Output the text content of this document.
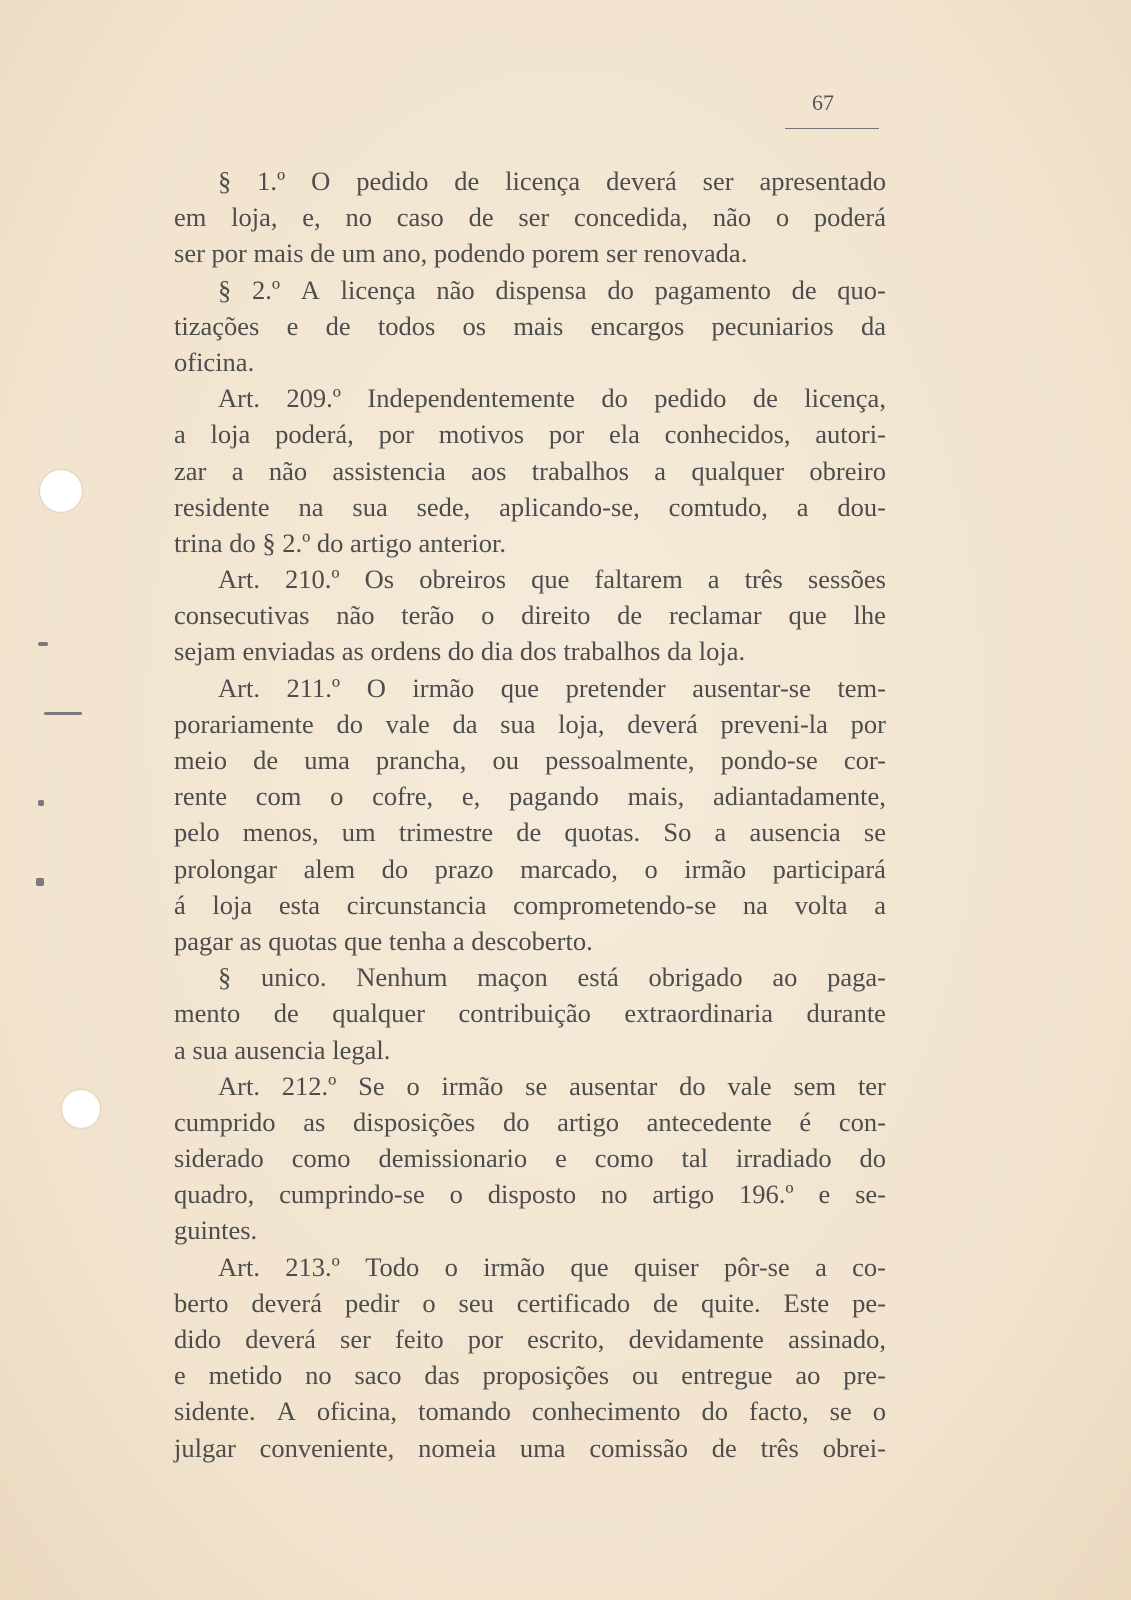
67
§ 1.º O pedido de licença deverá ser apresentado
em loja, e, no caso de ser concedida, não o poderá
ser por mais de um ano, podendo porem ser renovada.
§ 2.º A licença não dispensa do pagamento de quo-
tizações e de todos os mais encargos pecuniarios da
oficina.
Art. 209.º Independentemente do pedido de licença,
a loja poderá, por motivos por ela conhecidos, autori-
zar a não assistencia aos trabalhos a qualquer obreiro
residente na sua sede, aplicando-se, comtudo, a dou-
trina do § 2.º do artigo anterior.
Art. 210.º Os obreiros que faltarem a três sessões
consecutivas não terão o direito de reclamar que lhe
sejam enviadas as ordens do dia dos trabalhos da loja.
Art. 211.º O irmão que pretender ausentar-se tem-
porariamente do vale da sua loja, deverá preveni-la por
meio de uma prancha, ou pessoalmente, pondo-se cor-
rente com o cofre, e, pagando mais, adiantadamente,
pelo menos, um trimestre de quotas. So a ausencia se
prolongar alem do prazo marcado, o irmão participará
á loja esta circunstancia comprometendo-se na volta a
pagar as quotas que tenha a descoberto.
§ unico. Nenhum maçon está obrigado ao paga-
mento de qualquer contribuição extraordinaria durante
a sua ausencia legal.
Art. 212.º Se o irmão se ausentar do vale sem ter
cumprido as disposições do artigo antecedente é con-
siderado como demissionario e como tal irradiado do
quadro, cumprindo-se o disposto no artigo 196.º e se-
guintes.
Art. 213.º Todo o irmão que quiser pôr-se a co-
berto deverá pedir o seu certificado de quite. Este pe-
dido deverá ser feito por escrito, devidamente assinado,
e metido no saco das proposições ou entregue ao pre-
sidente. A oficina, tomando conhecimento do facto, se o
julgar conveniente, nomeia uma comissão de três obrei-
